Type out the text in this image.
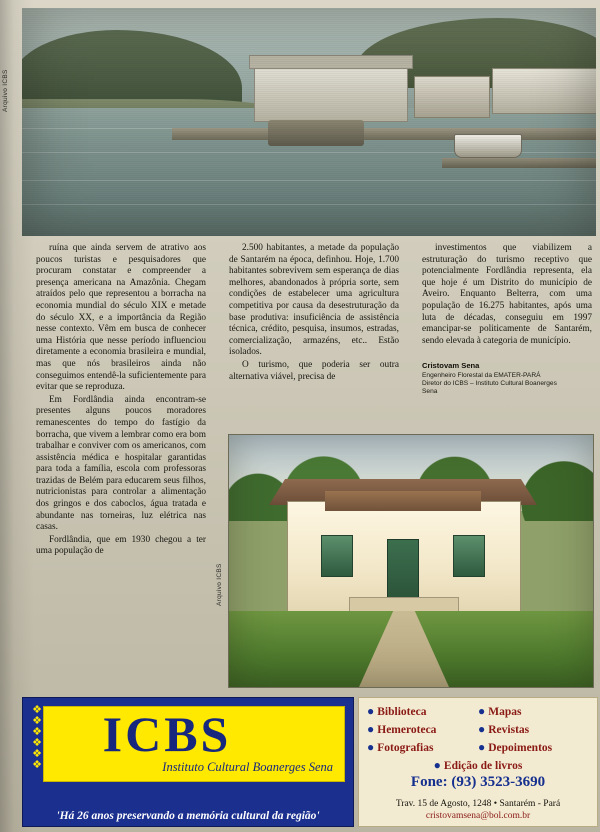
Arquivo ICBS

ruína que ainda servem de atrativo aos poucos turistas e pesquisadores que procuram constatar e compreender a presença americana na Amazônia. Chegam atraídos pelo que representou a borracha na economia mundial do século XIX e metade do século XX, e a importância da Região nesse contexto. Vêm em busca de conhecer uma História que nesse período influenciou diretamente a economia brasileira e mundial, mas que nós brasileiros ainda não conseguimos entendê-la suficientemente para evitar que se reproduza.

Em Fordlândia ainda encontram-se presentes alguns poucos moradores remanescentes do tempo do fastígio da borracha, que vivem a lembrar como era bom trabalhar e conviver com os americanos, com assistência médica e hospitalar garantidas para toda a família, escola com professoras trazidas de Belém para educarem seus filhos, nutricionistas para controlar a alimentação dos gringos e dos caboclos, água tratada e abundante nas torneiras, luz elétrica nas casas.

Fordlândia, que em 1930 chegou a ter uma população de

2.500 habitantes, a metade da população de Santarém na época, definhou. Hoje, 1.700 habitantes sobrevivem sem esperança de dias melhores, abandonados à própria sorte, sem condições de estabelecer uma agricultura competitiva por causa da desestruturação da base produtiva: insuficiência de assistência técnica, crédito, pesquisa, insumos, estradas, comercialização, armazéns, etc.. Estão isolados.

O turismo, que poderia ser outra alternativa viável, precisa de

investimentos que viabilizem a estruturação do turismo receptivo que potencialmente Fordlândia representa, ela que hoje é um Distrito do município de Aveiro. Enquanto Belterra, com uma população de 16.275 habitantes, após uma luta de décadas, conseguiu em 1997 emancipar-se politicamente de Santarém, sendo elevada à categoria de município.

Cristovam Sena
Engenheiro Florestal da EMATER-PARÁ
Diretor do ICBS – Instituto Cultural Boanerges
Sena
Arquivo ICBS
❖
❖
❖
❖
❖
❖
ICBS
Instituto Cultural Boanerges Sena
'Há 26 anos preservando a memória cultural da região'
● Biblioteca	● Mapas
● Hemeroteca	● Revistas
● Fotografias	● Depoimentos
● Edição de livros
Fone: (93) 3523-3690
Trav. 15 de Agosto, 1248 • Santarém - Pará
cristovamsena@bol.com.br
